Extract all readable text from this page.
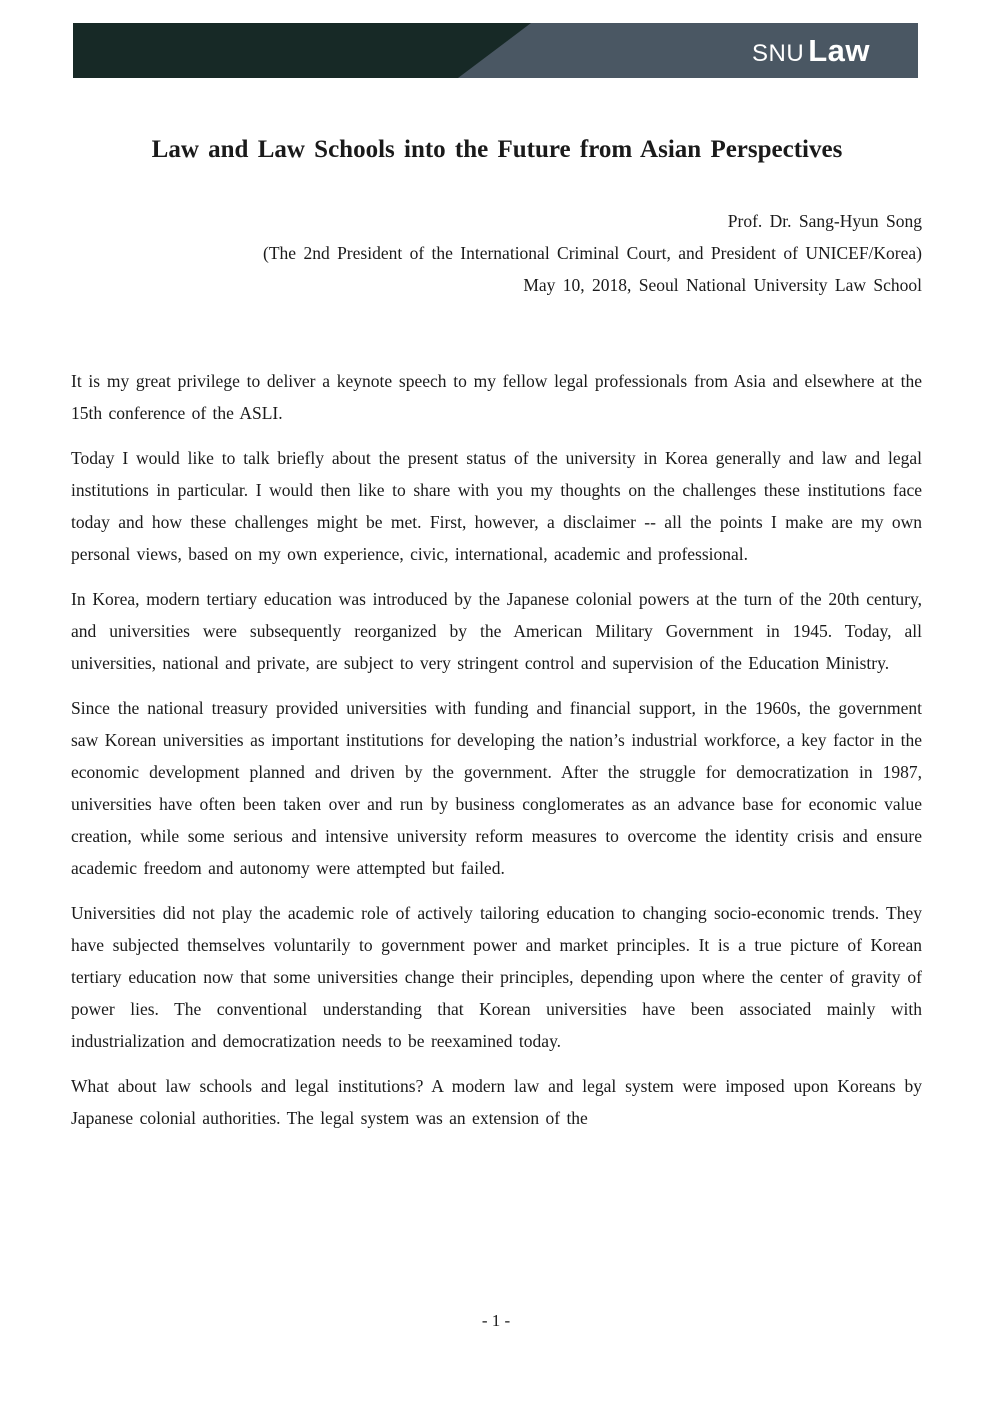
SNU Law
Law and Law Schools into the Future from Asian Perspectives
Prof. Dr. Sang-Hyun Song
(The 2nd President of the International Criminal Court, and President of UNICEF/Korea)
May 10, 2018, Seoul National University Law School

It is my great privilege to deliver a keynote speech to my fellow legal professionals from Asia and elsewhere at the 15th conference of the ASLI.

Today I would like to talk briefly about the present status of the university in Korea generally and law and legal institutions in particular. I would then like to share with you my thoughts on the challenges these institutions face today and how these challenges might be met. First, however, a disclaimer -- all the points I make are my own personal views, based on my own experience, civic, international, academic and professional.

In Korea, modern tertiary education was introduced by the Japanese colonial powers at the turn of the 20th century, and universities were subsequently reorganized by the American Military Government in 1945. Today, all universities, national and private, are subject to very stringent control and supervision of the Education Ministry.

Since the national treasury provided universities with funding and financial support, in the 1960s, the government saw Korean universities as important institutions for developing the nation’s industrial workforce, a key factor in the economic development planned and driven by the government. After the struggle for democratization in 1987, universities have often been taken over and run by business conglomerates as an advance base for economic value creation, while some serious and intensive university reform measures to overcome the identity crisis and ensure academic freedom and autonomy were attempted but failed.

Universities did not play the academic role of actively tailoring education to changing socio-economic trends. They have subjected themselves voluntarily to government power and market principles. It is a true picture of Korean tertiary education now that some universities change their principles, depending upon where the center of gravity of power lies. The conventional understanding that Korean universities have been associated mainly with industrialization and democratization needs to be reexamined today.

What about law schools and legal institutions? A modern law and legal system were imposed upon Koreans by Japanese colonial authorities. The legal system was an extension of the

- 1 -
